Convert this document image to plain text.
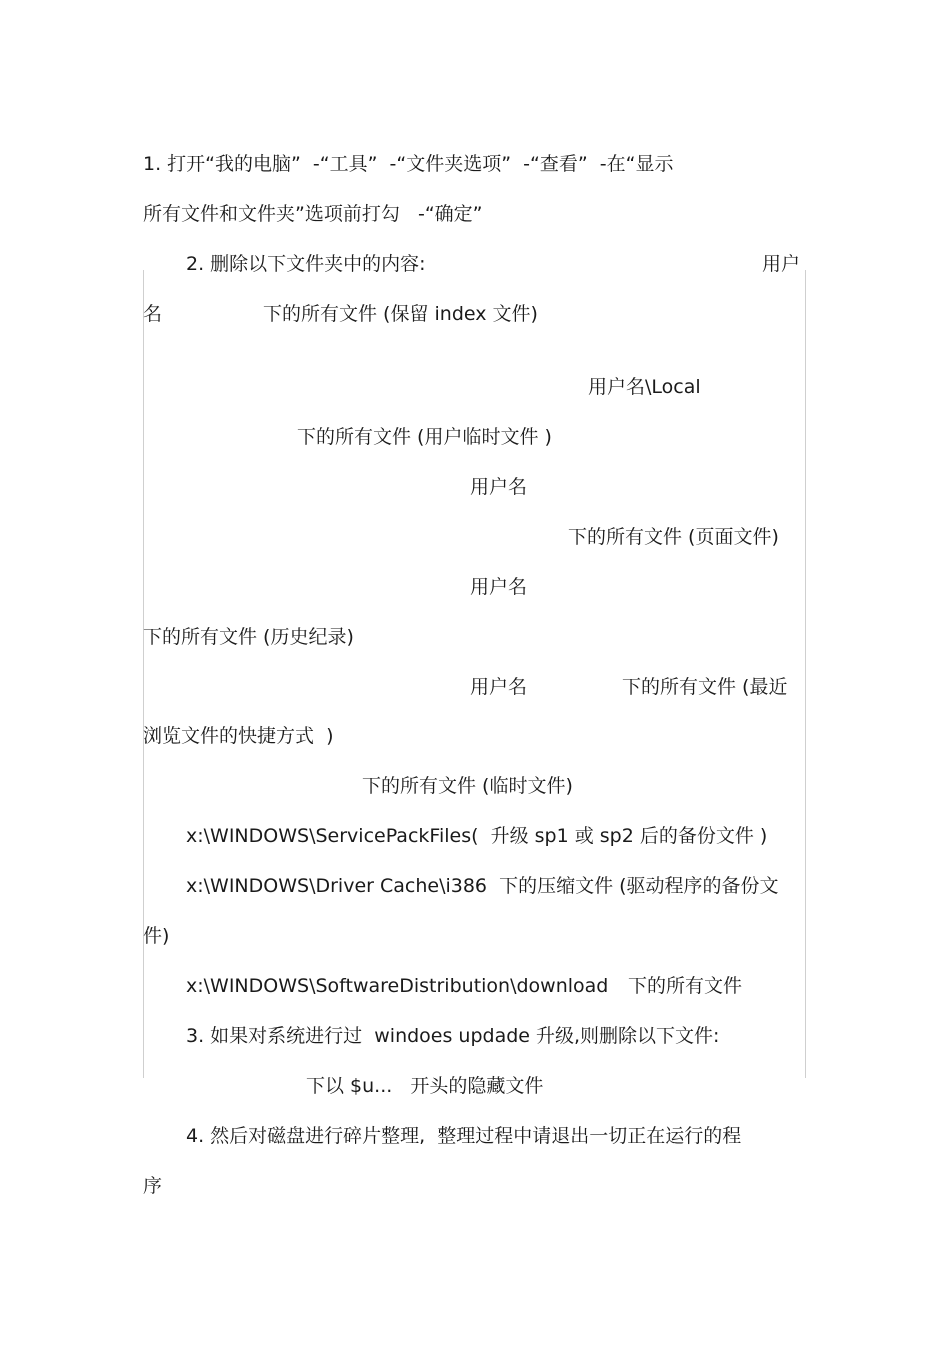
1. 打开“我的电脑”  -“工具”  -“文件夹选项”  -“查看”  -在“显示
所有文件和文件夹”选项前打勾   -“确定”
2. 删除以下文件夹中的内容:	用户
名	下的所有文件 (保留 index 文件)
用户名\Local
下的所有文件 (用户临时文件 )
用户名
下的所有文件 (页面文件)
用户名
下的所有文件 (历史纪录)
用户名	下的所有文件 (最近
浏览文件的快捷方式  )
下的所有文件 (临时文件)
x:\WINDOWS\ServicePackFiles(  升级 sp1 或 sp2 后的备份文件 )
x:\WINDOWS\Driver Cache\i386  下的压缩文件 (驱动程序的备份文
件)
x:\WINDOWS\SoftwareDistribution\download 下的所有文件
3. 如果对系统进行过  windoes updade 升级,则删除以下文件:
下以 $u...   开头的隐藏文件
4. 然后对磁盘进行碎片整理,  整理过程中请退出一切正在运行的程
序
